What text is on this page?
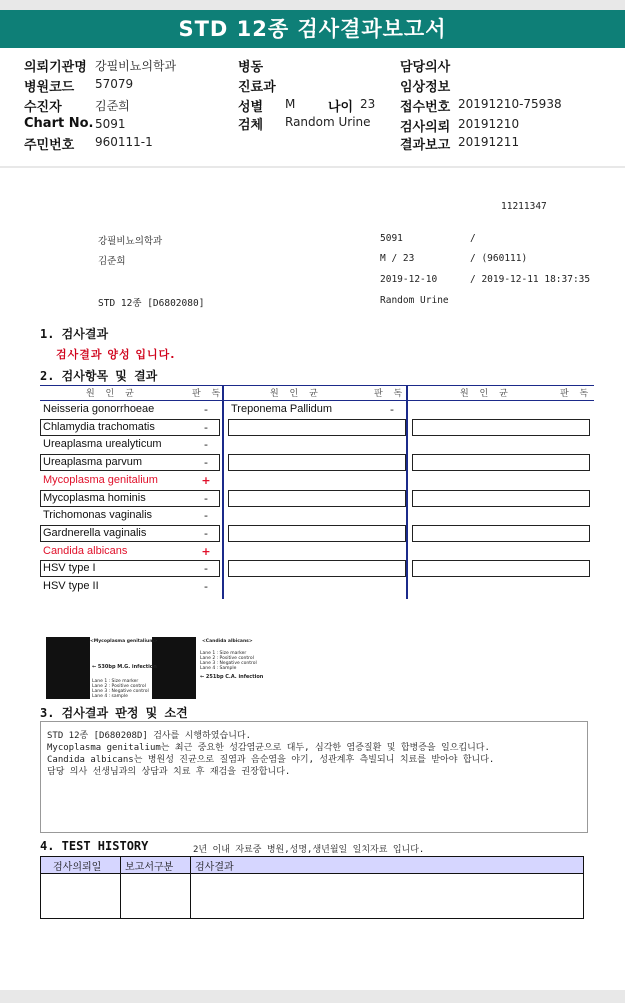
STD 12종 검사결과보고서
의뢰기관명 강필비뇨의학과
병원코드 57079
수진자	김준희
Chart No. 5091
주민번호 960111-1
병동
진료과
성별 M	나이 23
검체 Random Urine
담당의사
임상정보
접수번호 20191210-75938
검사의뢰 20191210
결과보고 20191211
11211347
강필비뇨의학과
김준희
STD 12종 [D6802080]
5091	/
M / 23	/ (960111)
2019-12-10	/ 2019-12-11 18:37:35
Random Urine
1. 검사결과
검사결과 양성 입니다.
2. 검사항목 및 결과
원 인 균	판 독	원 인 균	판 독	원 인 균	판 독
Neisseria gonorrhoeae	-
Chlamydia trachomatis	-
Ureaplasma urealyticum	-
Ureaplasma parvum	-
Mycoplasma genitalium	+
Mycoplasma hominis	-
Trichomonas vaginalis	-
Gardnerella vaginalis	-
Candida albicans	+
HSV type I	-
HSV type II	-
Treponema Pallidum	-
<Mycoplasma genitalium>
← 530bp M.G. infection
Lane 1 : Size marker
Lane 2 : Positive control
Lane 3 : Negative control
Lane 4 : sample
<Candida albicans>
Lane 1 : Size marker
Lane 2 : Positive control
Lane 3 : Negative control
Lane 4 : Sample
← 251bp C.A. infection
3. 검사결과 판정 및 소견
STD 12종 [D680208D] 검사를 시행하였습니다.
Mycoplasma genitalium는 최근 중요한 성감염균으로 대두, 심각한 염증질환 및 합병증을 일으킵니다.
Candida albicans는 병원성 진균으로 질염과 음순염을 야기, 성관계후 측빌되니 치료를 받아야 합니다.
담당 의사 선생님과의 상담과 치료 후 재검을 권장합니다.
4. TEST HISTORY	2년 이내 자료중 병원,성명,생년월일 일치자료 입니다.
검사의뢰일 보고서구분 검사결과
